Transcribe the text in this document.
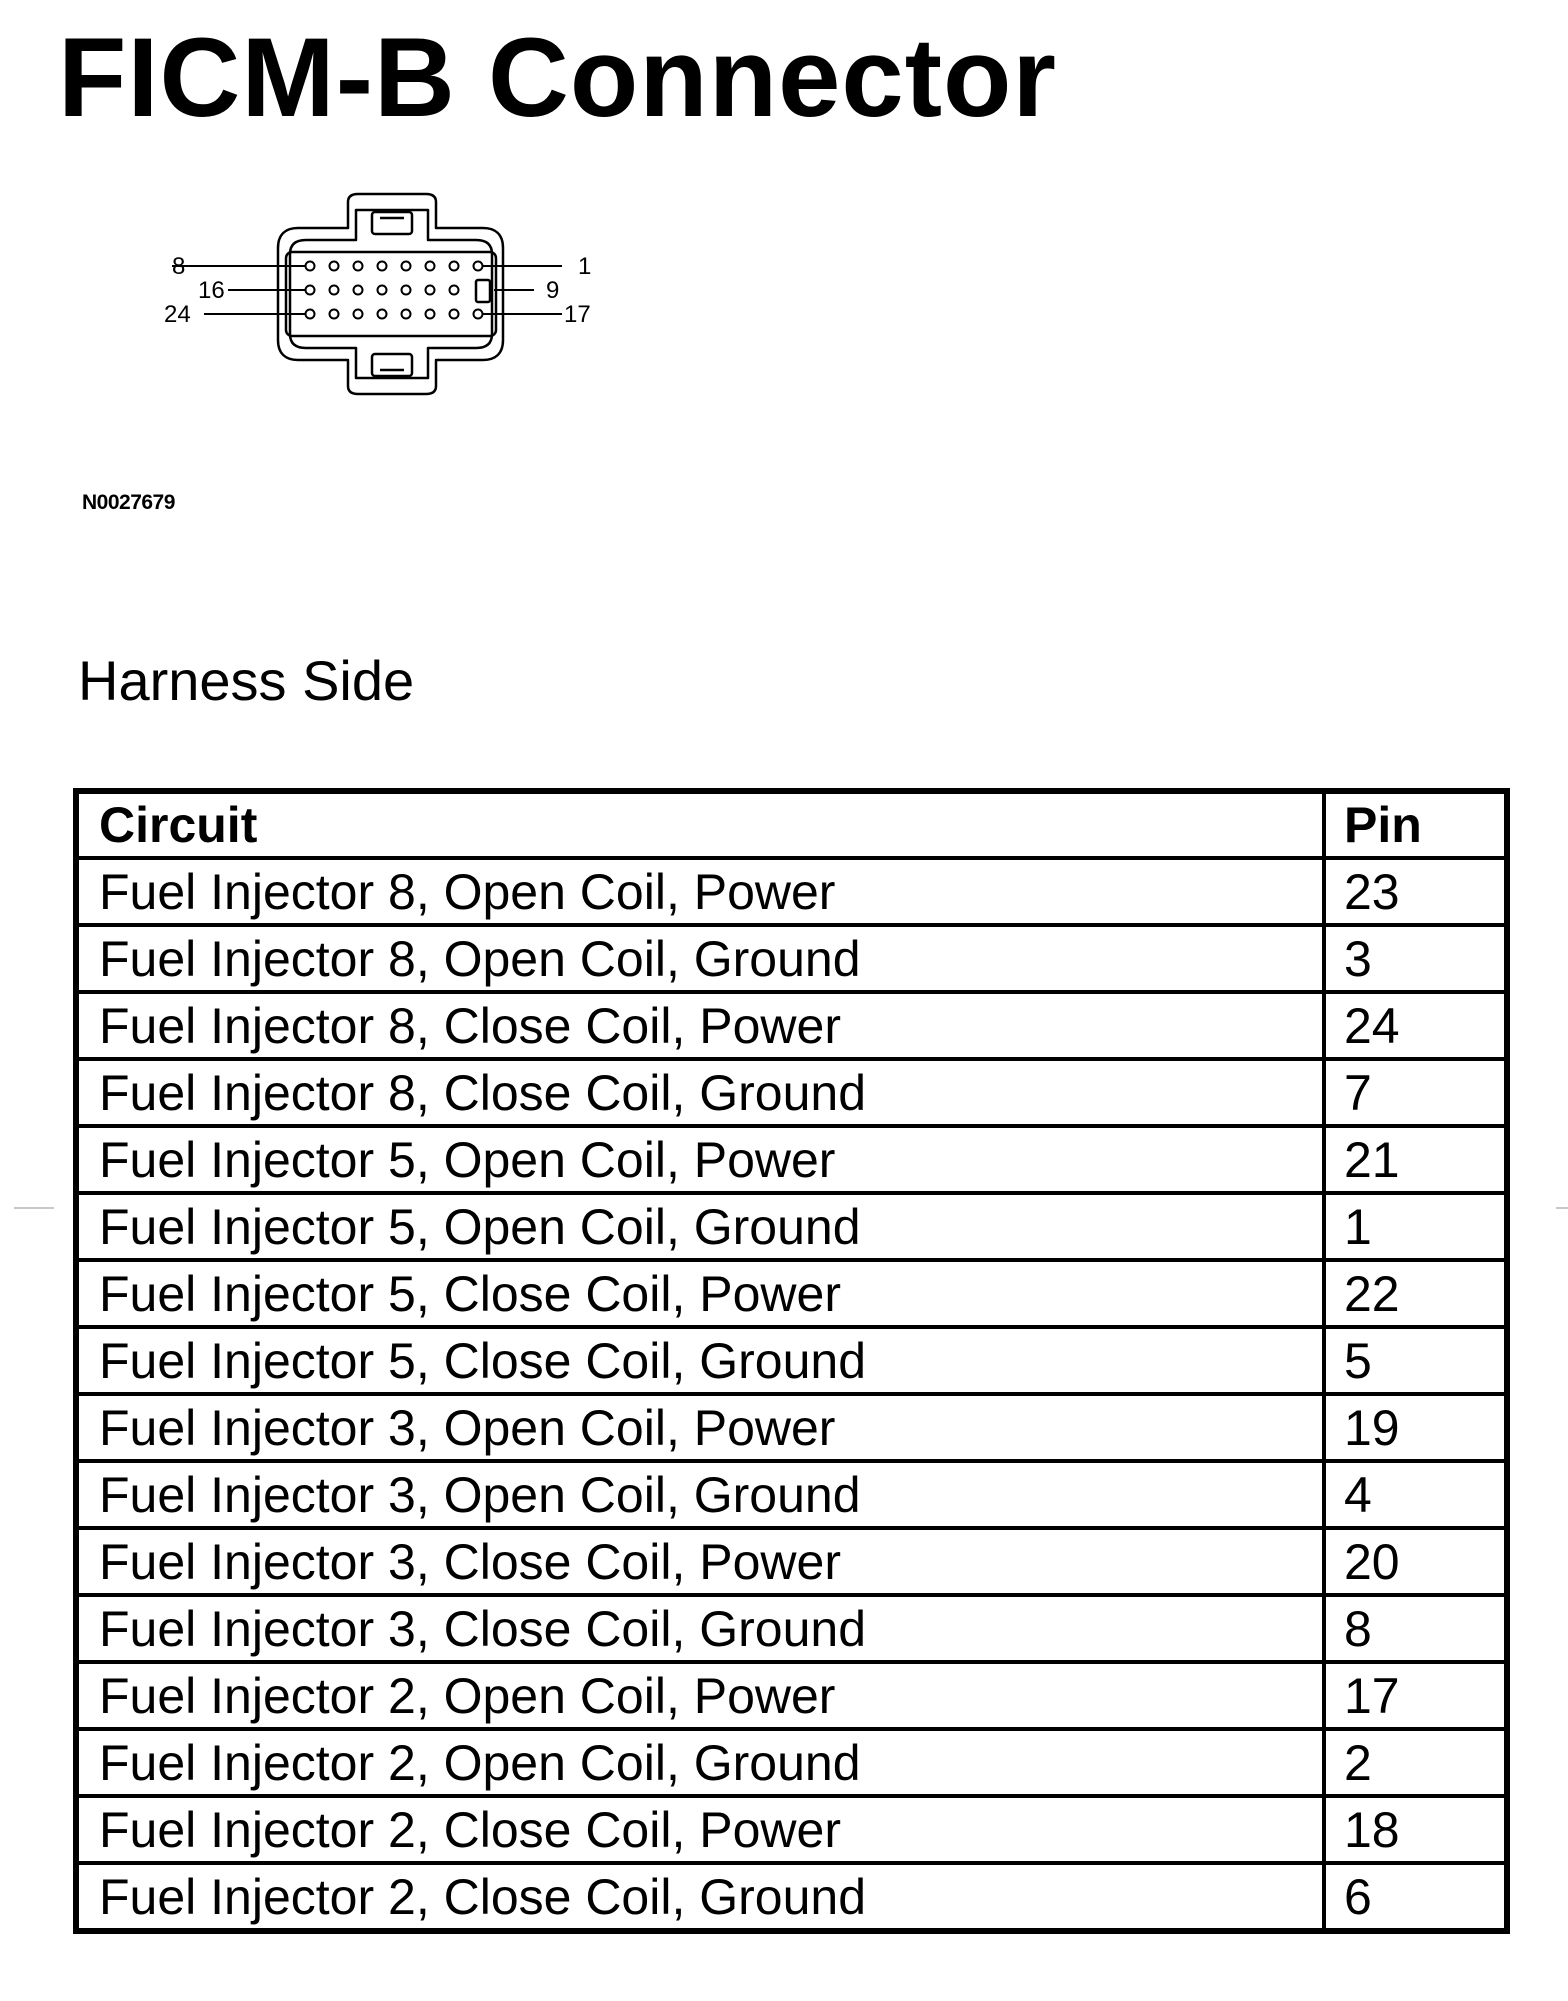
FICM-B Connector
8
16
24
1
9
17
N0027679
Harness Side
Circuit	Pin
Fuel Injector 8, Open Coil, Power	23
Fuel Injector 8, Open Coil, Ground	3
Fuel Injector 8, Close Coil, Power	24
Fuel Injector 8, Close Coil, Ground	7
Fuel Injector 5, Open Coil, Power	21
Fuel Injector 5, Open Coil, Ground	1
Fuel Injector 5, Close Coil, Power	22
Fuel Injector 5, Close Coil, Ground	5
Fuel Injector 3, Open Coil, Power	19
Fuel Injector 3, Open Coil, Ground	4
Fuel Injector 3, Close Coil, Power	20
Fuel Injector 3, Close Coil, Ground	8
Fuel Injector 2, Open Coil, Power	17
Fuel Injector 2, Open Coil, Ground	2
Fuel Injector 2, Close Coil, Power	18
Fuel Injector 2, Close Coil, Ground	6
